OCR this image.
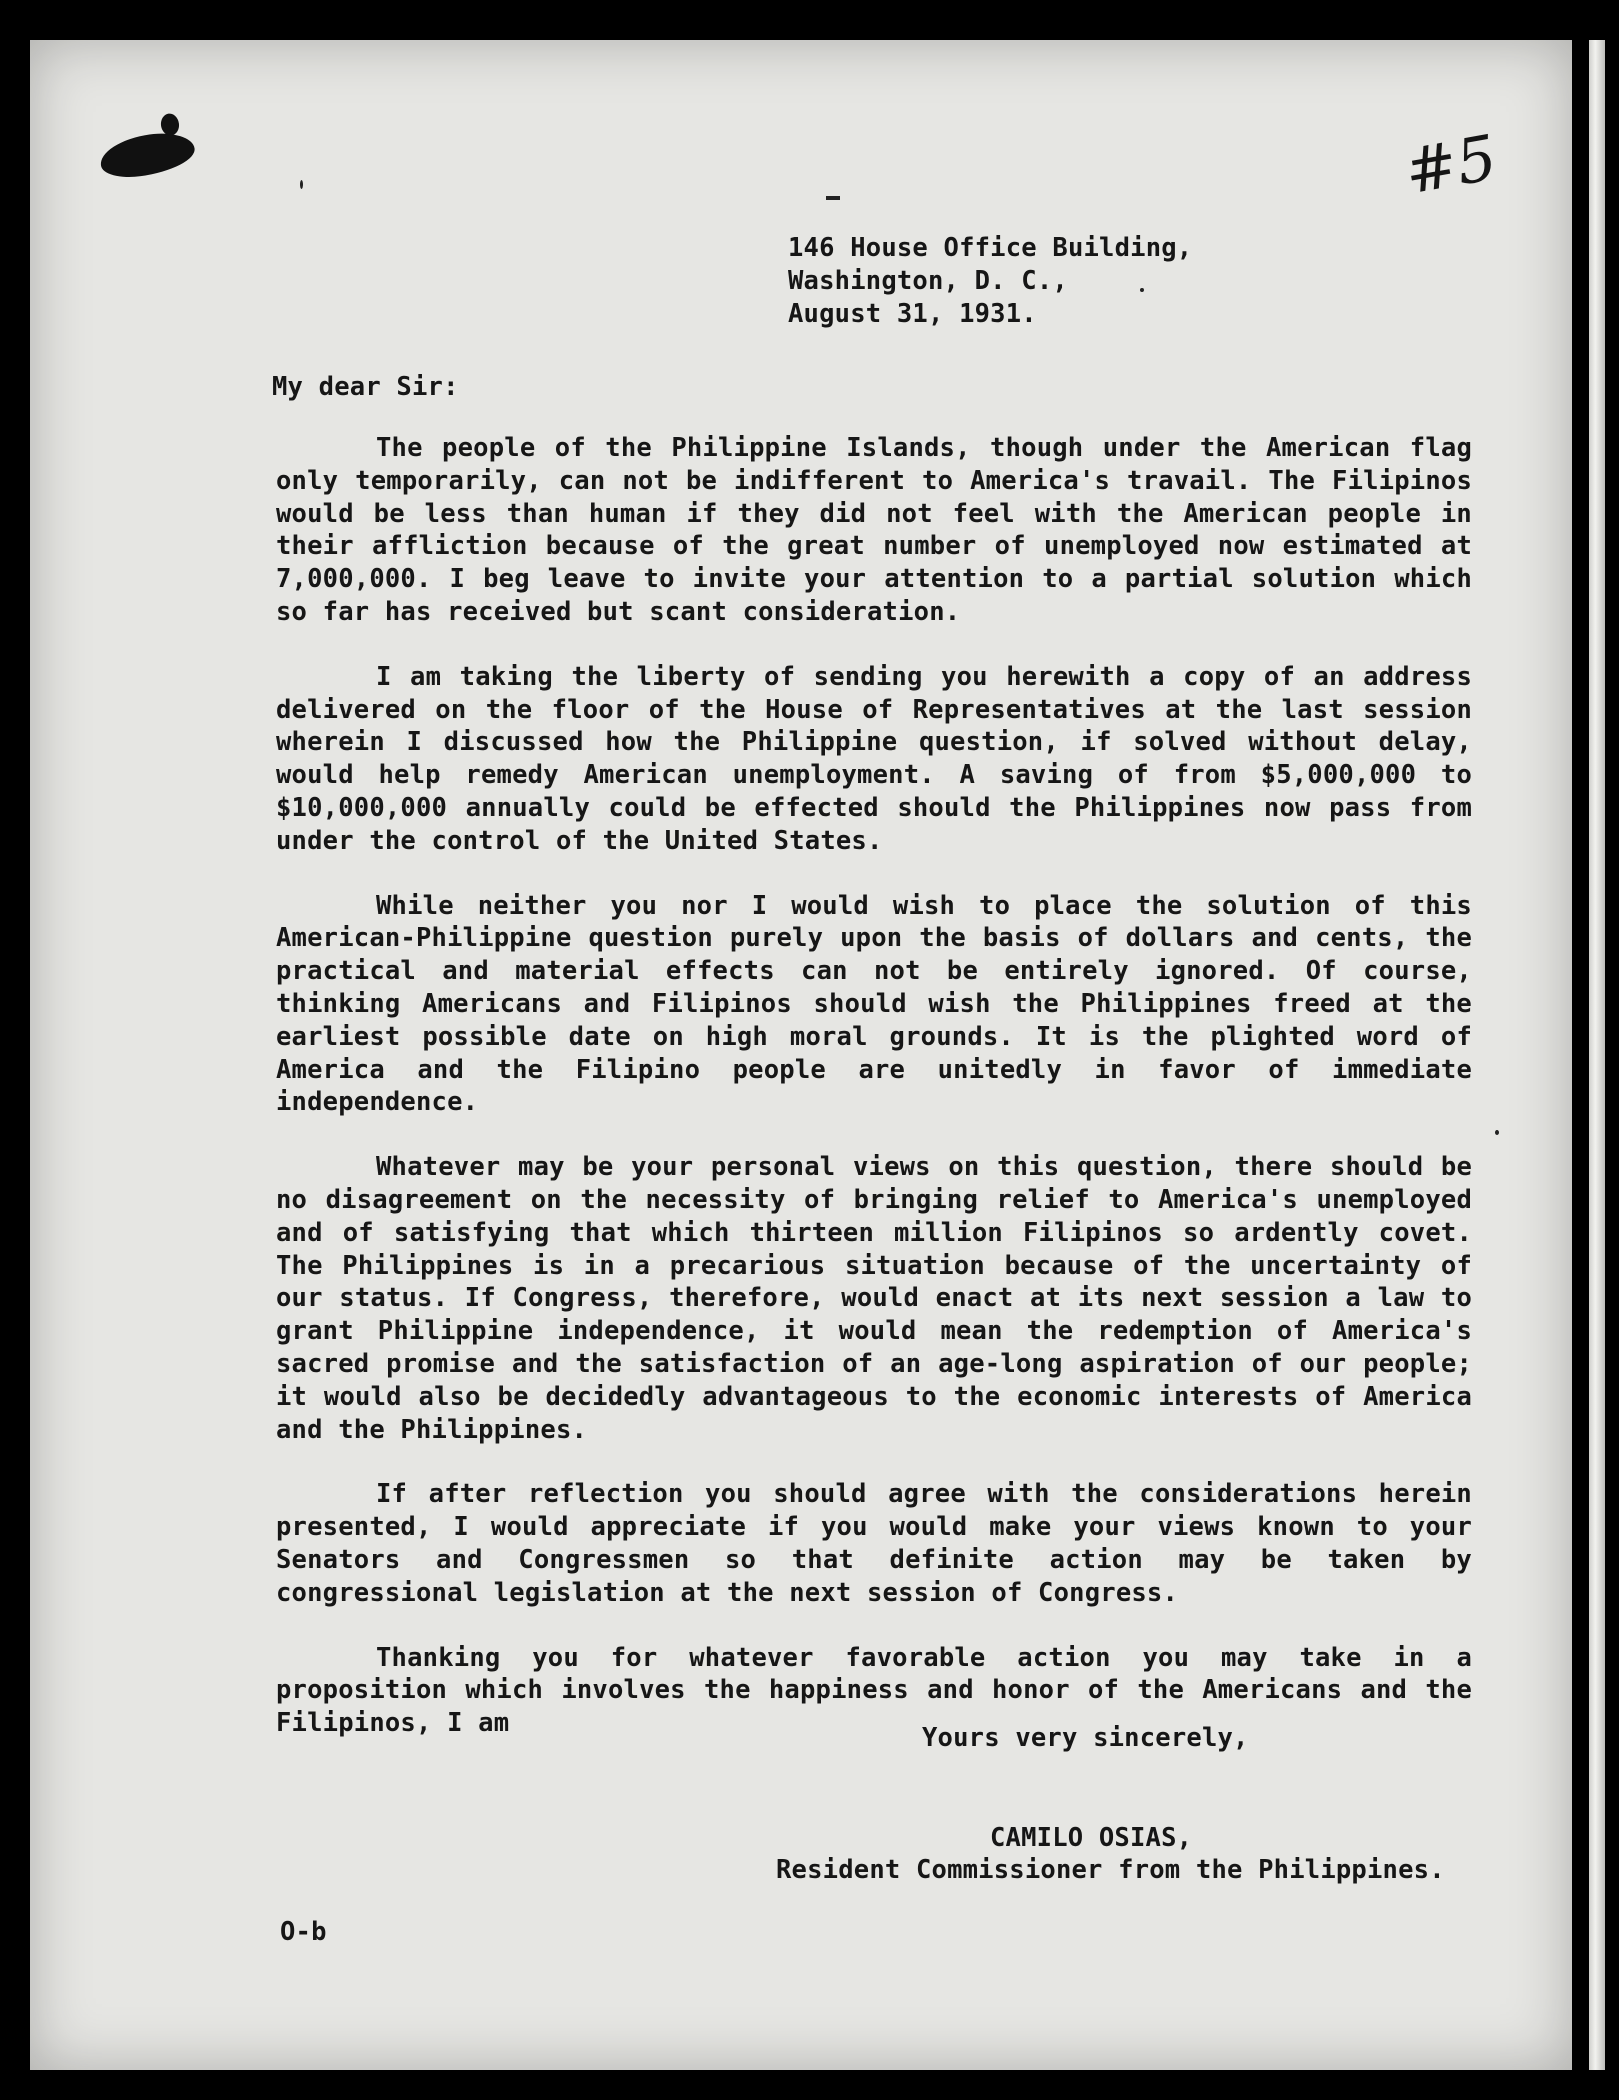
#5
146 House Office Building,
Washington, D. C.,
August 31, 1931.
My dear Sir:

The people of the Philippine Islands, though under the American flag only temporarily, can not be indifferent to America's travail. The Filipinos would be less than human if they did not feel with the American people in their affliction because of the great number of unemployed now estimated at 7,000,000. I beg leave to invite your attention to a partial solution which so far has received but scant consideration.

I am taking the liberty of sending you herewith a copy of an address delivered on the floor of the House of Representatives at the last session wherein I discussed how the Philippine question, if solved without delay, would help remedy American unemployment. A saving of from $5,000,000 to $10,000,000 annually could be effected should the Philippines now pass from under the control of the United States.

While neither you nor I would wish to place the solution of this American-Philippine question purely upon the basis of dollars and cents, the practical and material effects can not be entirely ignored. Of course, thinking Americans and Filipinos should wish the Philippines freed at the earliest possible date on high moral grounds. It is the plighted word of America and the Filipino people are unitedly in favor of immediate independence.

Whatever may be your personal views on this question, there should be no disagreement on the necessity of bringing relief to America's unemployed and of satisfying that which thirteen million Filipinos so ardently covet. The Philippines is in a precarious situation because of the uncertainty of our status. If Congress, therefore, would enact at its next session a law to grant Philippine independence, it would mean the redemption of America's sacred promise and the satisfaction of an age-long aspiration of our people; it would also be decidedly advantageous to the economic interests of America and the Philippines.

If after reflection you should agree with the considerations herein presented, I would appreciate if you would make your views known to your Senators and Congressmen so that definite action may be taken by congressional legislation at the next session of Congress.

Thanking you for whatever favorable action you may take in a proposition which involves the happiness and honor of the Americans and the Filipinos, I am	Yours very sincerely,
CAMILO OSIAS,
Resident Commissioner from the Philippines.
O-b
